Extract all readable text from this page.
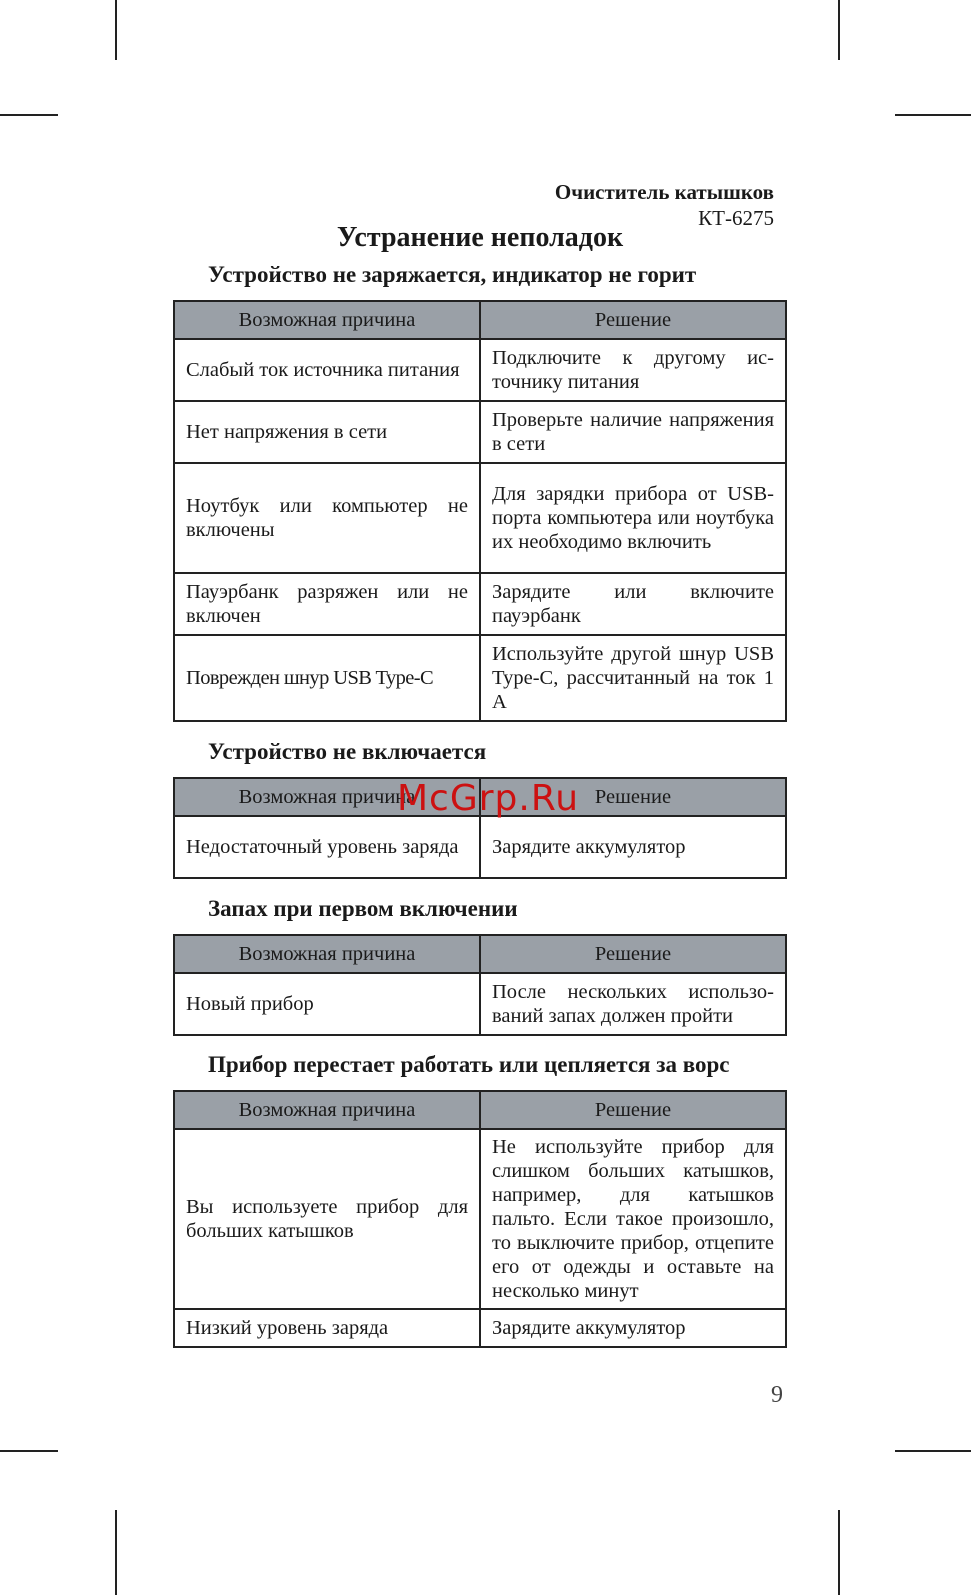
Очиститель катышков
КТ-6275
Устранение неполадок
Устройство не заряжается, индикатор не горит
Возможная причина	Решение
Слабый ток источника питания	Подключите к другому источнику питания
Нет напряжения в сети	Проверьте наличие напряжения в сети
Ноутбук или компьютер не включены	Для зарядки прибора от USB-порта компьютера или ноутбука их необходимо включить
Пауэрбанк разряжен или не включен	Зарядите или включите пауэрбанк
Поврежден шнур USB Type-C	Используйте другой шнур USB Type-C, рассчитанный на ток 1 А
Устройство не включается
Возможная причина	Решение
Недостаточный уровень заряда	Зарядите аккумулятор
Запах при первом включении
Возможная причина	Решение
Новый прибор	После нескольких использований запах должен пройти
Прибор перестает работать или цепляется за ворс
Возможная причина	Решение
Вы используете прибор для больших катышков	Не используйте прибор для слишком больших катышков, например, для катышков пальто. Если такое произошло, то выключите прибор, отцепите его от одежды и оставьте на несколько минут
Низкий уровень заряда	Зарядите аккумулятор
McGrp.Ru
9
